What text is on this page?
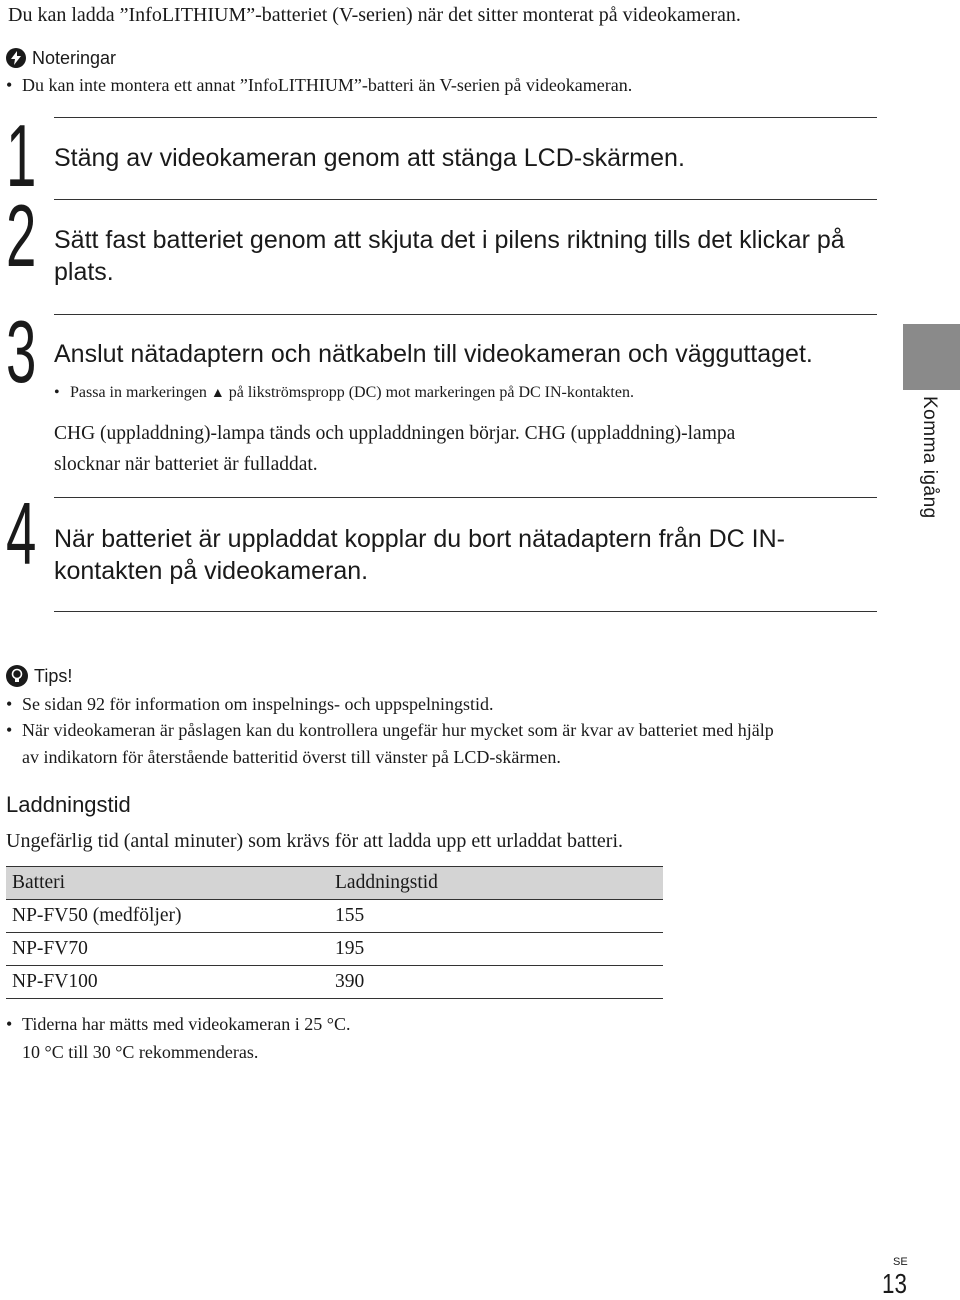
Du kan ladda ”InfoLITHIUM”-batteriet (V-serien) när det sitter monterat på videokameran.
Noteringar
• Du kan inte montera ett annat ”InfoLITHIUM”-batteri än V-serien på videokameran.
1 Stäng av videokameran genom att stänga LCD-skärmen.
2 Sätt fast batteriet genom att skjuta det i pilens riktning tills det klickar på
plats.
3 Anslut nätadaptern och nätkabeln till videokameran och vägguttaget.
• Passa in markeringen ▲ på likströmspropp (DC) mot markeringen på DC IN-kontakten.
CHG (uppladdning)-lampa tänds och uppladdningen börjar. CHG (uppladdning)-lampa
slocknar när batteriet är fulladdat.
4 När batteriet är uppladdat kopplar du bort nätadaptern från DC IN-
kontakten på videokameran.
Komma igång
Tips!
• Se sidan 92 för information om inspelnings- och uppspelningstid.
• När videokameran är påslagen kan du kontrollera ungefär hur mycket som är kvar av batteriet med hjälp
av indikatorn för återstående batteritid överst till vänster på LCD-skärmen.
Laddningstid
Ungefärlig tid (antal minuter) som krävs för att ladda upp ett urladdat batteri.
Batteri	Laddningstid
NP-FV50 (medföljer)	155
NP-FV70	195
NP-FV100	390
• Tiderna har mätts med videokameran i 25 °C.
10 °C till 30 °C rekommenderas.
SE
13
